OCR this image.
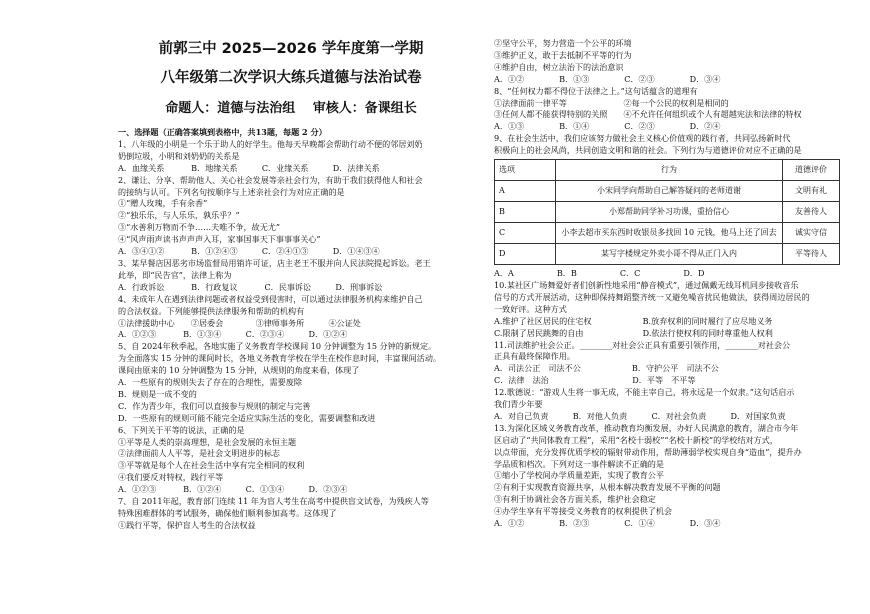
前郭三中 2025—2026 学年度第一学期
八年级第二次学识大练兵道德与法治试卷
命题人：道德与法治组　 审核人：备课组长
一、选择题（正确答案填到表格中，共13题，每题 2 分）
1、八年级的小明是一个乐于助人的好学生。他每天早晚都会帮助行动不便的邻居刘奶
奶倒垃圾，小明和刘奶奶的关系是
A．血缘关系　　　 B．地缘关系　　　C．业缘关系　　　D．法律关系
2、谦让、分享、帮助他人、关心社会发展等亲社会行为，有助于我们获得他人和社会
的接纳与认可。下列名句按顺序与上述亲社会行为对应正确的是
①“赠人玫瑰，手有余香”
②“独乐乐，与人乐乐，孰乐乎？”
③“水善利万物而不争……夫唯不争，故无尤”
④“风声雨声读书声声声入耳，家事国事天下事事事关心”
A．③④①②　　　 B．①②④③　　　C．②④①③　　　D．①④③④
3、某早餐店因恶劣市场监督局用销许可证，店主老王不服并向人民法院提起诉讼。老王
此举，即“民告官”，法律上称为
A．行政诉讼　　　 B．行政复议　　　 C．民事诉讼　　　D．刑事诉讼
4、未成年人在遇到法律问题或者权益受到侵害时，可以通过法律服务机构来维护自己
的合法权益。下列能够提供法律服务和帮助的机构有
①法律援助中心　　②居委会　　　　③律师事务所　　　④公证处
A．①②③　　　 B．①③④　　　C．②③④　　　D．①②④
5、自 2024年秋季起，各地实施了义务教育学校课间 10 分钟调整为 15 分钟的新规定。
为全面落实 15 分钟的课间时长，各地义务教育学校在学生在校作息时间，丰富课间活动。
课间由原来的 10 分钟调整为 15 分钟，从规则的角度来看，体现了
A．一些原有的规则失去了存在的合理性，需要废除
B．规则是一成不变的
C．作为青少年，我们可以直接参与规则的制定与完善
D．一些原有的规则可能不能完全适应实际生活的变化，需要调整和改进
6、下列关于平等的说法，正确的是
①平等是人类的崇高理想，是社会发展的永恒主题
②法律面前人人平等，是社会文明进步的标志
③平等就是每个人在社会生活中享有完全相同的权利
④我们要反对特权，践行平等
A．①②③　　　 B．①②④　　　C．①③④　　　D．②③④
7、自 2011年起，教育部门连续 11 年为盲人考生在高考中提供盲文试卷，为残疾人等
特殊困难群体的考试服务，确保他们顺利参加高考。这体现了
①践行平等，保护盲人考生的合法权益
②坚守公平，努力营造一个公平的环境
③维护正义，敢于去抵制不平等的行为
④维护自由，树立法治下的法治意识
A．①②　　　　 B．①③　　　　 C．②③　　　　 D．③④
8、“任何权力都不得位于法律之上。”这句话蕴含的道理有
①法律面前一律平等　　　　　　　②每一个公民的权利是相同的
③任何人都不能获得特别的关照　　④不允许任何组织或个人有超越宪法和法律的特权
A．①③　　　　 B．①④　　　　 C．②③　　　　 D．②④
9、在社会生活中，我们应该努力做社会主义核心价值观的践行者，共同弘扬新时代
积极向上的社会风尚，共同创造文明和谐的社会。下列行为与道德评价对应不正确的是
选项	行为	道德评价
A	小宋同学向帮助自己解答疑问的老师道谢	文明有礼
B	小郑帮助同学补习功课，重拾信心	友善待人
C	小李去超市买东西时收银员多找回 10 元钱，他马上还了回去	诚实守信
D	某写字楼规定外卖小哥不得从正门入内	平等待人
A．A　　　　　 B．B　　　　　 C．C　　　　　 D．D
10.某社区广场舞爱好者们创新性地采用“静音模式”，通过佩戴无线耳机同步接收音乐
信号的方式开展活动，这种即保持舞蹈整齐统一又避免噪音扰民他做法，获得周边居民的
一致好评。这种方式
A.维护了社区居民的住宅权　　　　　　 B.放弃权利的同时履行了应尽地义务
C.限制了居民跳舞的自由　　　　　　　 D.依法行使权利的同时尊重他人权利
11.司法维护社会公正。________对社会公正具有重要引领作用，________对社会公
正具有最终保障作用。
A．司法公正　司法不公　　　　　　 B．守护公平　司法不公
C．法律　法治　　　　　　　　　　 D．平等　不平等
12.歌德说：“游戏人生将一事无成，不能主宰自己，将永远是一个奴隶。”这句话启示
我们青少年要
A．对自己负责　　　B．对他人负责　　　C．对社会负责　　　D．对国家负责
13.为深化区域义务教育改革，推动教育均衡发展，办好人民满意的教育，湖合市今年
区启动了“共同体教育工程”，采用“名校十弱校”“名校十新校”的学校结对方式，
以点带面，充分发挥优质学校的辐射带动作用，帮助薄弱学校实现自身“造血”，提升办
学品质和档次。下列对这一事件解读不正确的是
①缩小了学校间办学质量差距，实现了教育公平
②有利于实现教育资源共享，从根本解决教育发展不平衡的问题
③有利于协调社会各方面关系，维护社会稳定
④办学生享有平等接受义务教育的权利提供了机会
A．①②　　　　 B．②③　　　　 C．①④　　　　 D．③④
